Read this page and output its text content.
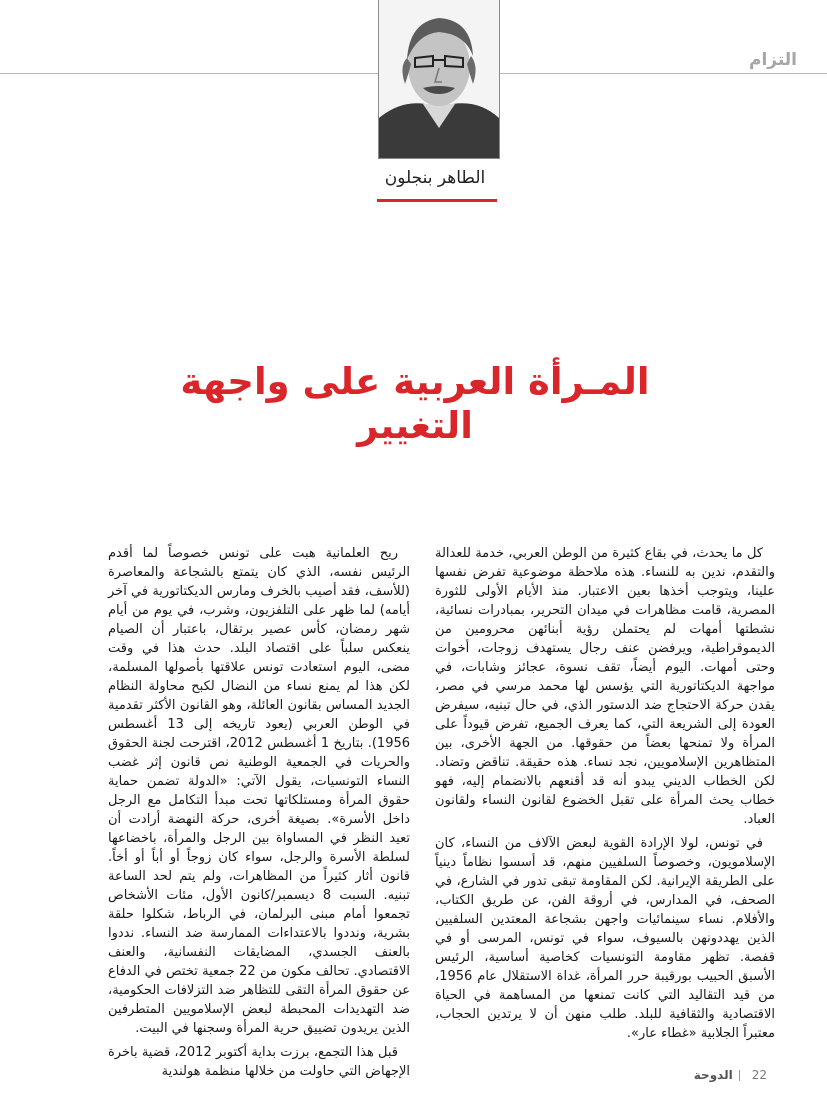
التزام
الطاهر بنجلون
المـرأة العربية على واجهة التغيير

كل ما يحدث، في بقاع كثيرة من الوطن العربي، خدمة للعدالة والتقدم، ندين به للنساء. هذه ملاحظة موضوعية تفرض نفسها علينا، ويتوجب أخذها بعين الاعتبار. منذ الأيام الأولى للثورة المصرية، قامت مظاهرات في ميدان التحرير، بمبادرات نسائية، نشطتها أمهات لم يحتملن رؤية أبنائهن محرومين من الديموقراطية، ويرفضن عنف رجال يستهدف زوجات، أخوات وحتى أمهات. اليوم أيضاً، تقف نسوة، عجائز وشابات، في مواجهة الديكتاتورية التي يؤسس لها محمد مرسي في مصر، يقدن حركة الاحتجاج ضد الدستور الذي، في حال تبنيه، سيفرض العودة إلى الشريعة التي، كما يعرف الجميع، تفرض قيوداً على المرأة ولا تمنحها بعضاً من حقوقها. من الجهة الأخرى، بين المتظاهرين الإسلامويين، نجد نساء. هذه حقيقة. تناقض وتضاد. لكن الخطاب الديني يبدو أنه قد أقنعهم بالانضمام إليه، فهو خطاب يحث المرأة على تقبل الخضوع لقانون النساء ولقانون العباد.

في تونس، لولا الإرادة القوية لبعض الآلاف من النساء، كان الإسلامويون، وخصوصاً السلفيين منهم، قد أسسوا نظاماً دينياً على الطريقة الإيرانية. لكن المقاومة تبقى تدور في الشارع، في الصحف، في المدارس، في أروقة الفن، عن طريق الكتاب، والأفلام. نساء سينمائيات واجهن بشجاعة المعتدين السلفيين الذين يهددونهن بالسيوف، سواء في تونس، المرسى أو في قفصة. تظهر مقاومة التونسيات كخاصية أساسية، الرئيس الأسبق الحبيب بورقيبة حرر المرأة، غداة الاستقلال عام 1956، من قيد التقاليد التي كانت تمنعها من المساهمة في الحياة الاقتصادية والثقافية للبلد. طلب منهن أن لا يرتدين الحجاب، معتبراً الجلابية «غطاء عار».

ريح العلمانية هبت على تونس خصوصاً لما أقدم الرئيس نفسه، الذي كان يتمتع بالشجاعة والمعاصرة (للأسف، فقد أصيب بالخرف ومارس الديكتاتورية في آخر أيامه) لما ظهر على التلفزيون، وشرب، في يوم من أيام شهر رمضان، كأس عصير برتقال، باعتبار أن الصيام ينعكس سلباً على اقتصاد البلد. حدث هذا في وقت مضى، اليوم استعادت تونس علاقتها بأصولها المسلمة، لكن هذا لم يمنع نساء من النضال لكبح محاولة النظام الجديد المساس بقانون العائلة، وهو القانون الأكثر تقدمية في الوطن العربي (يعود تاريخه إلى 13 أغسطس 1956). بتاريخ 1 أغسطس 2012، اقترحت لجنة الحقوق والحريات في الجمعية الوطنية نص قانون إثر غضب النساء التونسيات، يقول الآتي: «الدولة تضمن حماية حقوق المرأة ومستلكاتها تحت مبدأ التكامل مع الرجل داخل الأسرة». بصيغة أخرى، حركة النهضة أرادت أن تعيد النظر في المساواة بين الرجل والمرأة، باخضاعها لسلطة الأسرة والرجل، سواء كان زوجاً أو أباً أو أخاً. قانون أثار كثيراً من المظاهرات، ولم يتم لحد الساعة تبنيه. السبت 8 ديسمبر/كانون الأول، مئات الأشخاص تجمعوا أمام مبنى البرلمان، في الرباط، شكلوا حلقة بشرية، ونددوا بالاعتداءات الممارسة ضد النساء. نددوا بالعنف الجسدي، المضايقات النفسانية، والعنف الاقتصادي. تحالف مكون من 22 جمعية تختص في الدفاع عن حقوق المرأة التقى للتظاهر ضد التزلافات الحكومية، ضد التهديدات المحبطة لبعض الإسلامويين المتطرفين الذين يريدون تضييق حرية المرأة وسجنها في البيت.

قبل هذا التجمع، برزت بداية أكتوبر 2012، قضية باخرة الإجهاض التي حاولت من خلالها منظمة هولندية	22الدوحة
